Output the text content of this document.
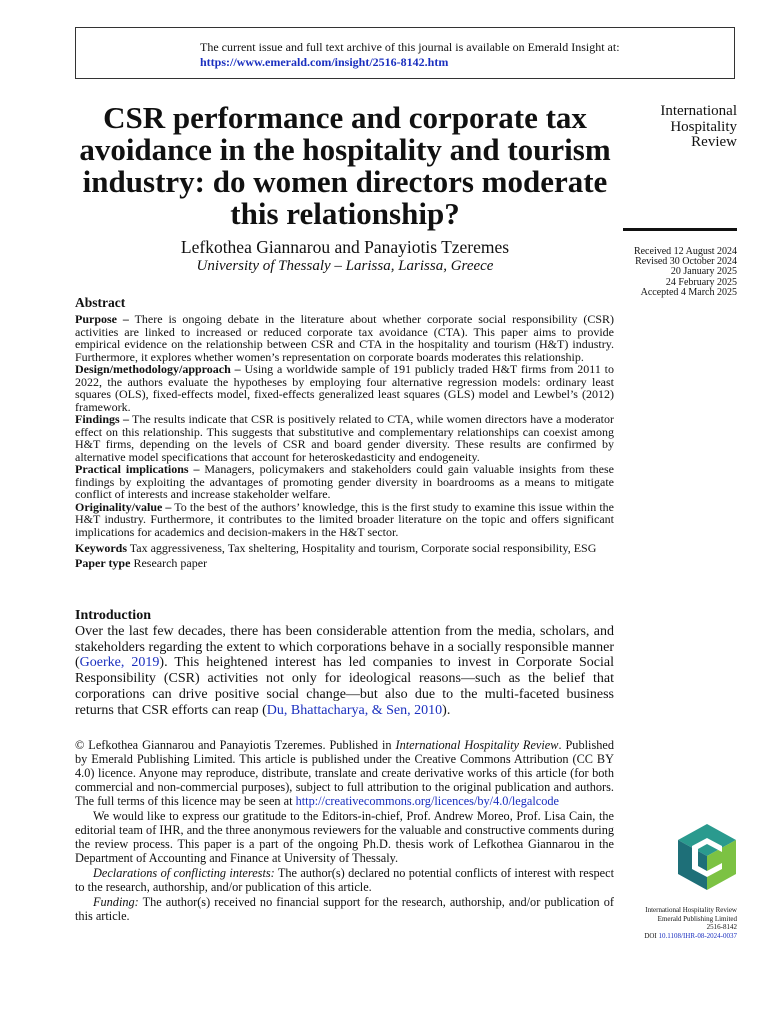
The current issue and full text archive of this journal is available on Emerald Insight at:
https://www.emerald.com/insight/2516-8142.htm
CSR performance and corporate tax avoidance in the hospitality and tourism industry: do women directors moderate this relationship?
Lefkothea Giannarou and Panayiotis Tzeremes
University of Thessaly – Larissa, Larissa, Greece
International
Hospitality
Review
Received 12 August 2024
Revised 30 October 2024
20 January 2025
24 February 2025
Accepted 4 March 2025
Abstract

Purpose – There is ongoing debate in the literature about whether corporate social responsibility (CSR) activities are linked to increased or reduced corporate tax avoidance (CTA). This paper aims to provide empirical evidence on the relationship between CSR and CTA in the hospitality and tourism (H&T) industry. Furthermore, it explores whether women’s representation on corporate boards moderates this relationship.

Design/methodology/approach – Using a worldwide sample of 191 publicly traded H&T firms from 2011 to 2022, the authors evaluate the hypotheses by employing four alternative regression models: ordinary least squares (OLS), fixed-effects model, fixed-effects generalized least squares (GLS) model and Lewbel’s (2012) framework.

Findings – The results indicate that CSR is positively related to CTA, while women directors have a moderator effect on this relationship. This suggests that substitutive and complementary relationships can coexist among H&T firms, depending on the levels of CSR and board gender diversity. These results are confirmed by alternative model specifications that account for heteroskedasticity and endogeneity.

Practical implications – Managers, policymakers and stakeholders could gain valuable insights from these findings by exploiting the advantages of promoting gender diversity in boardrooms as a means to mitigate conflict of interests and increase stakeholder welfare.

Originality/value – To the best of the authors’ knowledge, this is the first study to examine this issue within the H&T industry. Furthermore, it contributes to the limited broader literature on the topic and offers significant implications for academics and decision-makers in the H&T sector.

Keywords Tax aggressiveness, Tax sheltering, Hospitality and tourism, Corporate social responsibility, ESG

Paper type Research paper

Introduction

Over the last few decades, there has been considerable attention from the media, scholars, and stakeholders regarding the extent to which corporations behave in a socially responsible manner (Goerke, 2019). This heightened interest has led companies to invest in Corporate Social Responsibility (CSR) activities not only for ideological reasons—such as the belief that corporations can drive positive social change—but also due to the multi-faceted business returns that CSR efforts can reap (Du, Bhattacharya, & Sen, 2010).

© Lefkothea Giannarou and Panayiotis Tzeremes. Published in International Hospitality Review. Published by Emerald Publishing Limited. This article is published under the Creative Commons Attribution (CC BY 4.0) licence. Anyone may reproduce, distribute, translate and create derivative works of this article (for both commercial and non-commercial purposes), subject to full attribution to the original publication and authors. The full terms of this licence may be seen at http://creativecommons.org/licences/by/4.0/legalcode

We would like to express our gratitude to the Editors-in-chief, Prof. Andrew Moreo, Prof. Lisa Cain, the editorial team of IHR, and the three anonymous reviewers for the valuable and constructive comments during the review process. This paper is a part of the ongoing Ph.D. thesis work of Lefkothea Giannarou in the Department of Accounting and Finance at University of Thessaly.

Declarations of conflicting interests: The author(s) declared no potential conflicts of interest with respect to the research, authorship, and/or publication of this article.

Funding: The author(s) received no financial support for the research, authorship, and/or publication of this article.	International Hospitality Review
Emerald Publishing Limited
2516-8142
DOI 10.1108/IHR-08-2024-0037
